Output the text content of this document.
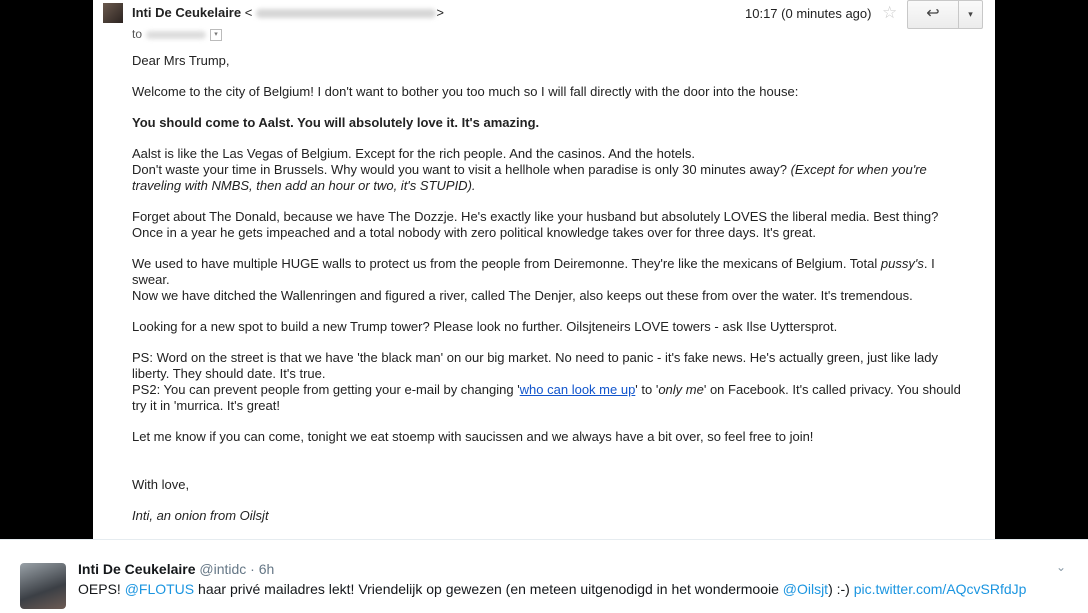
Inti De Ceukelaire <	>
to	▾
10:17 (0 minutes ago) ☆	↩	▾

Dear Mrs Trump,

Welcome to the city of Belgium! I don't want to bother you too much so I will fall directly with the door into the house:

You should come to Aalst. You will absolutely love it. It's amazing.

Aalst is like the Las Vegas of Belgium. Except for the rich people. And the casinos. And the hotels.
Don't waste your time in Brussels. Why would you want to visit a hellhole when paradise is only 30 minutes away? (Except for when you're traveling with NMBS, then add an hour or two, it's STUPID).

Forget about The Donald, because we have The Dozzje. He's exactly like your husband but absolutely LOVES the liberal media. Best thing? Once in a year he gets impeached and a total nobody with zero political knowledge takes over for three days. It's great.

We used to have multiple HUGE walls to protect us from the people from Deiremonne. They're like the mexicans of Belgium. Total pussy's. I swear.
Now we have ditched the Wallenringen and figured a river, called The Denjer, also keeps out these from over the water. It's tremendous.

Looking for a new spot to build a new Trump tower? Please look no further. Oilsjteneirs LOVE towers - ask Ilse Uyttersprot.

PS: Word on the street is that we have 'the black man' on our big market. No need to panic - it's fake news. He's actually green, just like lady liberty. They should date. It's true.
PS2: You can prevent people from getting your e-mail by changing 'who can look me up' to 'only me' on Facebook. It's called privacy. You should try it in 'murrica. It's great!

Let me know if you can come, tonight we eat stoemp with saucissen and we always have a bit over, so feel free to join!

With love,

Inti, an onion from Oilsjt

Inti De Ceukelaire @intidc · 6h
OEPS! @FLOTUS haar privé mailadres lekt! Vriendelijk op gewezen (en meteen uitgenodigd in het wondermooie @Oilsjt) :-) pic.twitter.com/AQcvSRfdJp
⌄
